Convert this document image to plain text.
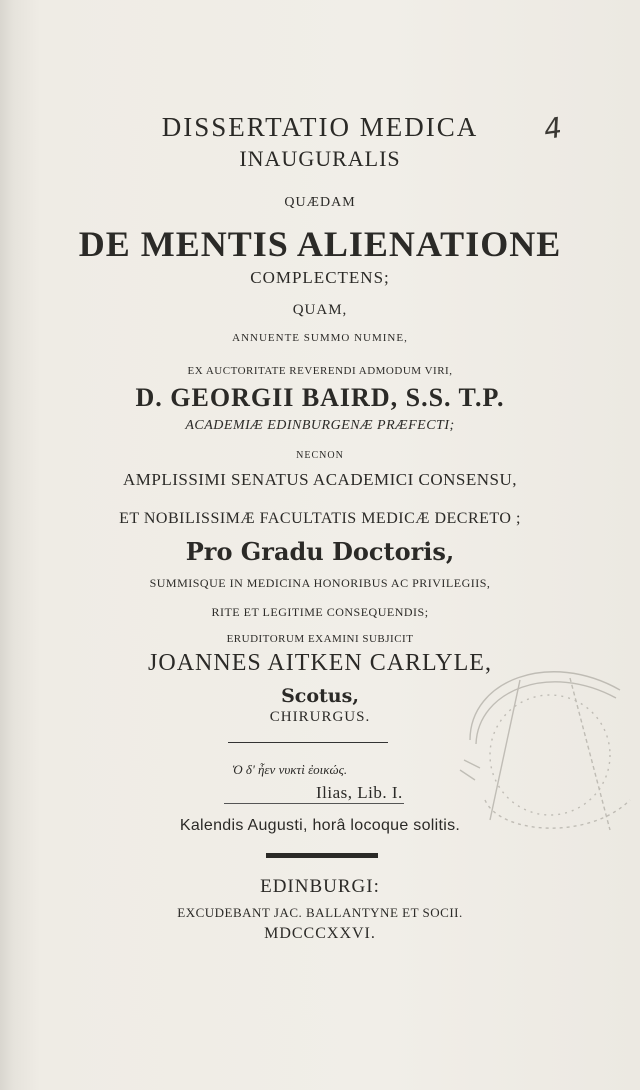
DISSERTATIO MEDICA
INAUGURALIS
4
QUÆDAM
DE MENTIS ALIENATIONE
COMPLECTENS;
QUAM,
ANNUENTE SUMMO NUMINE,
EX AUCTORITATE REVERENDI ADMODUM VIRI,
D. GEORGII BAIRD, S.S. T.P.
ACADEMIÆ EDINBURGENÆ PRÆFECTI;
NECNON
AMPLISSIMI SENATUS ACADEMICI CONSENSU,
ET NOBILISSIMÆ FACULTATIS MEDICÆ DECRETO ;
Pro Gradu Doctoris,
SUMMISQUE IN MEDICINA HONORIBUS AC PRIVILEGIIS,
RITE ET LEGITIME CONSEQUENDIS;
ERUDITORUM EXAMINI SUBJICIT
JOANNES AITKEN CARLYLE,
Scotus,
CHIRURGUS.
Ὁ δ' ἦεν νυκτὶ ἐοικώς.
Ilias, Lib. I.
Kalendis Augusti, horâ locoque solitis.
EDINBURGI:
EXCUDEBANT JAC. BALLANTYNE ET SOCII.
MDCCCXXVI.
